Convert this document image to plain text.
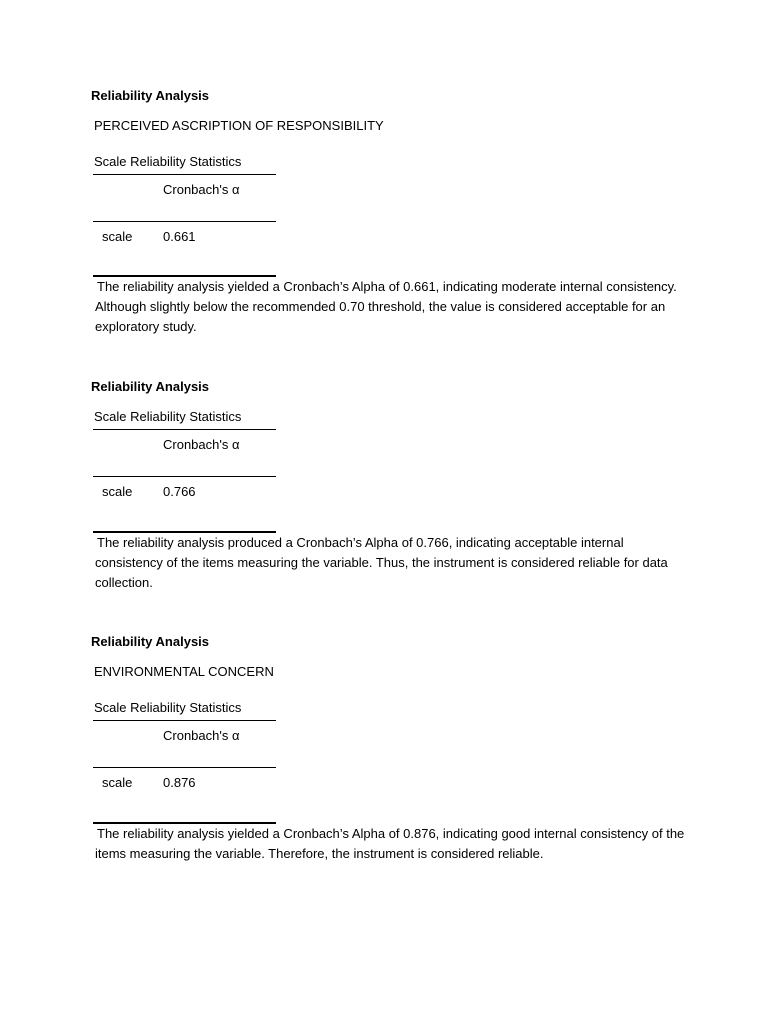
Reliability Analysis
PERCEIVED ASCRIPTION OF RESPONSIBILITY
Scale Reliability Statistics
Cronbach's α
scale 0.661

The reliability analysis yielded a Cronbach’s Alpha of 0.661, indicating moderate internal consistency. Although slightly below the recommended 0.70 threshold, the value is considered acceptable for an exploratory study.

Reliability Analysis
Scale Reliability Statistics
Cronbach's α
scale 0.766

The reliability analysis produced a Cronbach’s Alpha of 0.766, indicating acceptable internal consistency of the items measuring the variable. Thus, the instrument is considered reliable for data collection.

Reliability Analysis
ENVIRONMENTAL CONCERN
Scale Reliability Statistics
Cronbach's α
scale 0.876

The reliability analysis yielded a Cronbach’s Alpha of 0.876, indicating good internal consistency of the items measuring the variable. Therefore, the instrument is considered reliable.
